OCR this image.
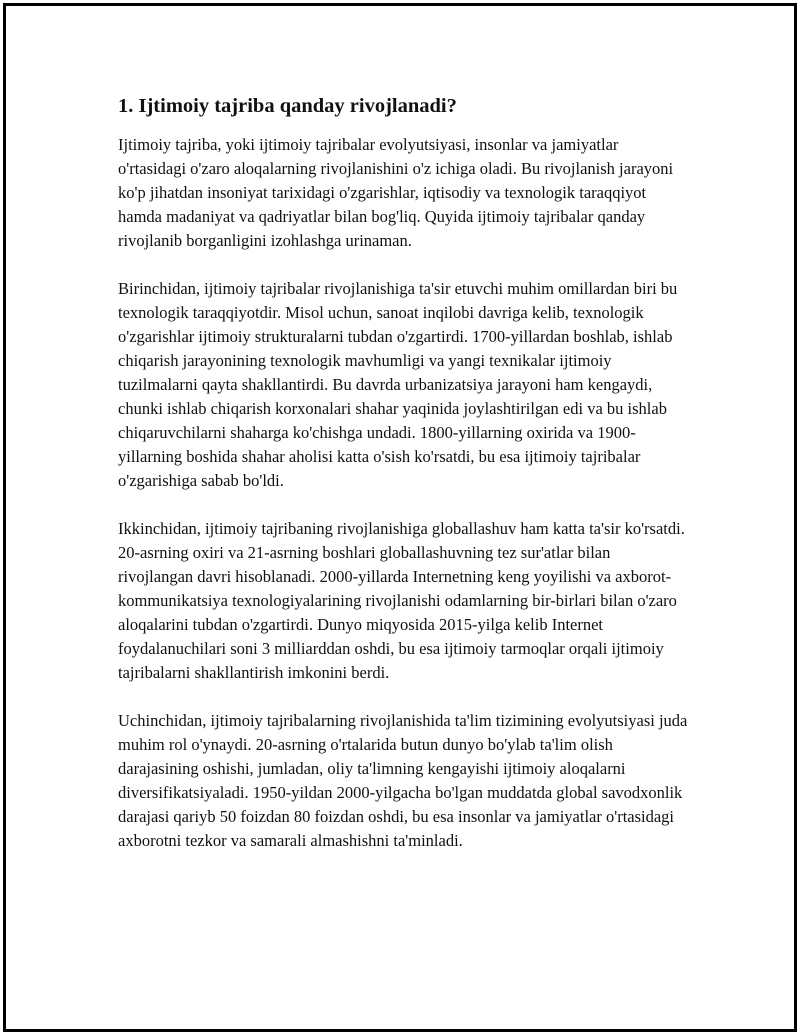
1. Ijtimoiy tajriba qanday rivojlanadi?

Ijtimoiy tajriba, yoki ijtimoiy tajribalar evolyutsiyasi, insonlar va jamiyatlar o'rtasidagi o'zaro aloqalarning rivojlanishini o'z ichiga oladi. Bu rivojlanish jarayoni ko'p jihatdan insoniyat tarixidagi o'zgarishlar, iqtisodiy va texnologik taraqqiyot hamda madaniyat va qadriyatlar bilan bog'liq. Quyida ijtimoiy tajribalar qanday rivojlanib borganligini izohlashga urinaman.

Birinchidan, ijtimoiy tajribalar rivojlanishiga ta'sir etuvchi muhim omillardan biri bu texnologik taraqqiyotdir. Misol uchun, sanoat inqilobi davriga kelib, texnologik o'zgarishlar ijtimoiy strukturalarni tubdan o'zgartirdi. 1700-yillardan boshlab, ishlab chiqarish jarayonining texnologik mavhumligi va yangi texnikalar ijtimoiy tuzilmalarni qayta shakllantirdi. Bu davrda urbanizatsiya jarayoni ham kengaydi, chunki ishlab chiqarish korxonalari shahar yaqinida joylashtirilgan edi va bu ishlab chiqaruvchilarni shaharga ko'chishga undadi. 1800-yillarning oxirida va 1900-yillarning boshida shahar aholisi katta o'sish ko'rsatdi, bu esa ijtimoiy tajribalar o'zgarishiga sabab bo'ldi.

Ikkinchidan, ijtimoiy tajribaning rivojlanishiga globallashuv ham katta ta'sir ko'rsatdi. 20-asrning oxiri va 21-asrning boshlari globallashuvning tez sur'atlar bilan rivojlangan davri hisoblanadi. 2000-yillarda Internetning keng yoyilishi va axborot-kommunikatsiya texnologiyalarining rivojlanishi odamlarning bir-birlari bilan o'zaro aloqalarini tubdan o'zgartirdi. Dunyo miqyosida 2015-yilga kelib Internet foydalanuchilari soni 3 milliarddan oshdi, bu esa ijtimoiy tarmoqlar orqali ijtimoiy tajribalarni shakllantirish imkonini berdi.

Uchinchidan, ijtimoiy tajribalarning rivojlanishida ta'lim tizimining evolyutsiyasi juda muhim rol o'ynaydi. 20-asrning o'rtalarida butun dunyo bo'ylab ta'lim olish darajasining oshishi, jumladan, oliy ta'limning kengayishi ijtimoiy aloqalarni diversifikatsiyaladi. 1950-yildan 2000-yilgacha bo'lgan muddatda global savodxonlik darajasi qariyb 50 foizdan 80 foizdan oshdi, bu esa insonlar va jamiyatlar o'rtasidagi axborotni tezkor va samarali almashishni ta'minladi.
